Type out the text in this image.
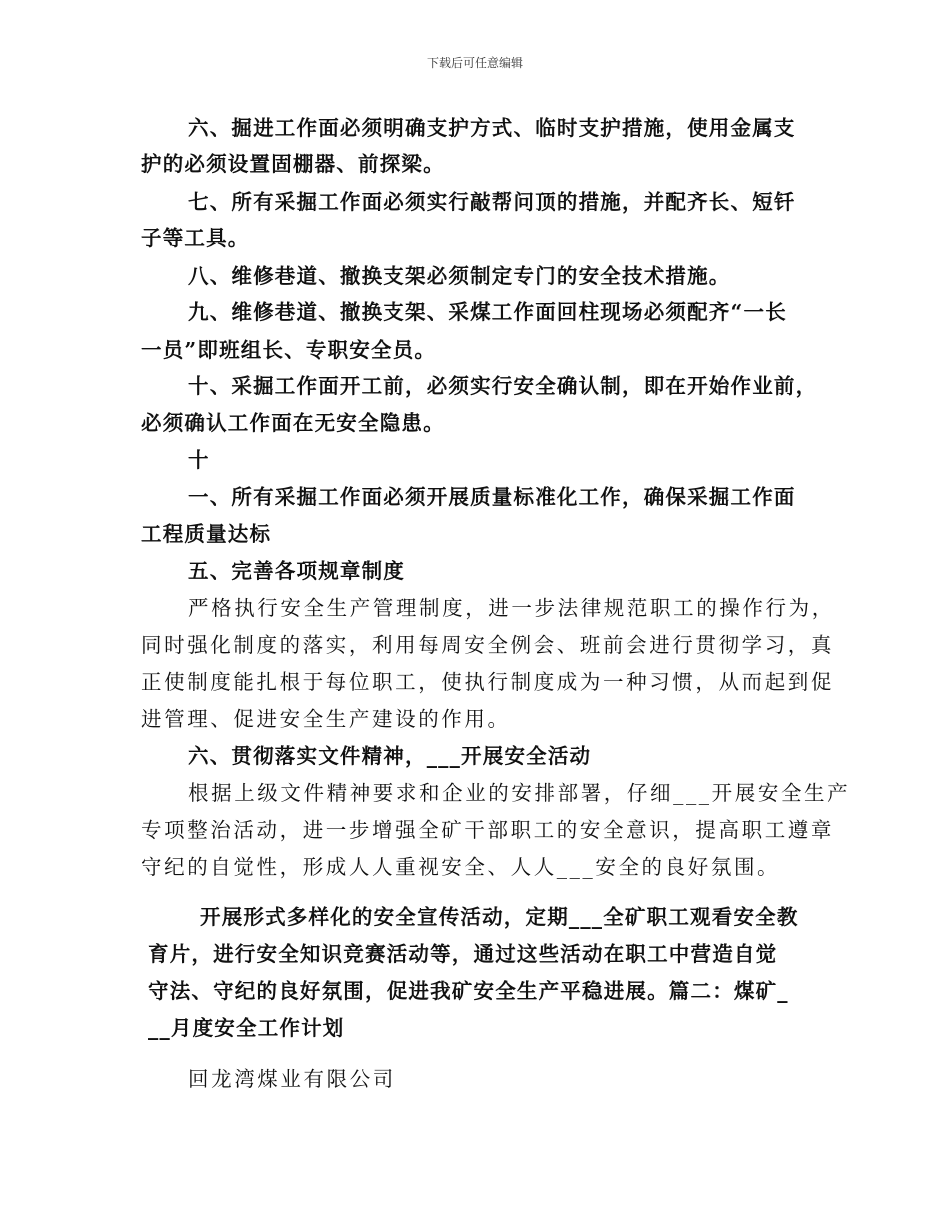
下载后可任意编辑
六、掘进工作面必须明确支护方式、临时支护措施，使用金属支
护的必须设置固棚器、前探梁。
七、所有采掘工作面必须实行敲帮问顶的措施，并配齐长、短钎
子等工具。
八、维修巷道、撤换支架必须制定专门的安全技术措施。
九、维修巷道、撤换支架、采煤工作面回柱现场必须配齐“一长
一员”即班组长、专职安全员。
十、采掘工作面开工前，必须实行安全确认制，即在开始作业前，
必须确认工作面在无安全隐患。
十
一、所有采掘工作面必须开展质量标准化工作，确保采掘工作面
工程质量达标
五、完善各项规章制度
严格执行安全生产管理制度，进一步法律规范职工的操作行为，
同时强化制度的落实，利用每周安全例会、班前会进行贯彻学习，真
正使制度能扎根于每位职工，使执行制度成为一种习惯，从而起到促
进管理、促进安全生产建设的作用。
六、贯彻落实文件精神，___开展安全活动
根据上级文件精神要求和企业的安排部署，仔细___开展安全生产
专项整治活动，进一步增强全矿干部职工的安全意识，提高职工遵章
守纪的自觉性，形成人人重视安全、人人___安全的良好氛围。
开展形式多样化的安全宣传活动，定期___全矿职工观看安全教
育片，进行安全知识竞赛活动等，通过这些活动在职工中营造自觉
守法、守纪的良好氛围，促进我矿安全生产平稳进展。篇二：煤矿_
__月度安全工作计划
回龙湾煤业有限公司
